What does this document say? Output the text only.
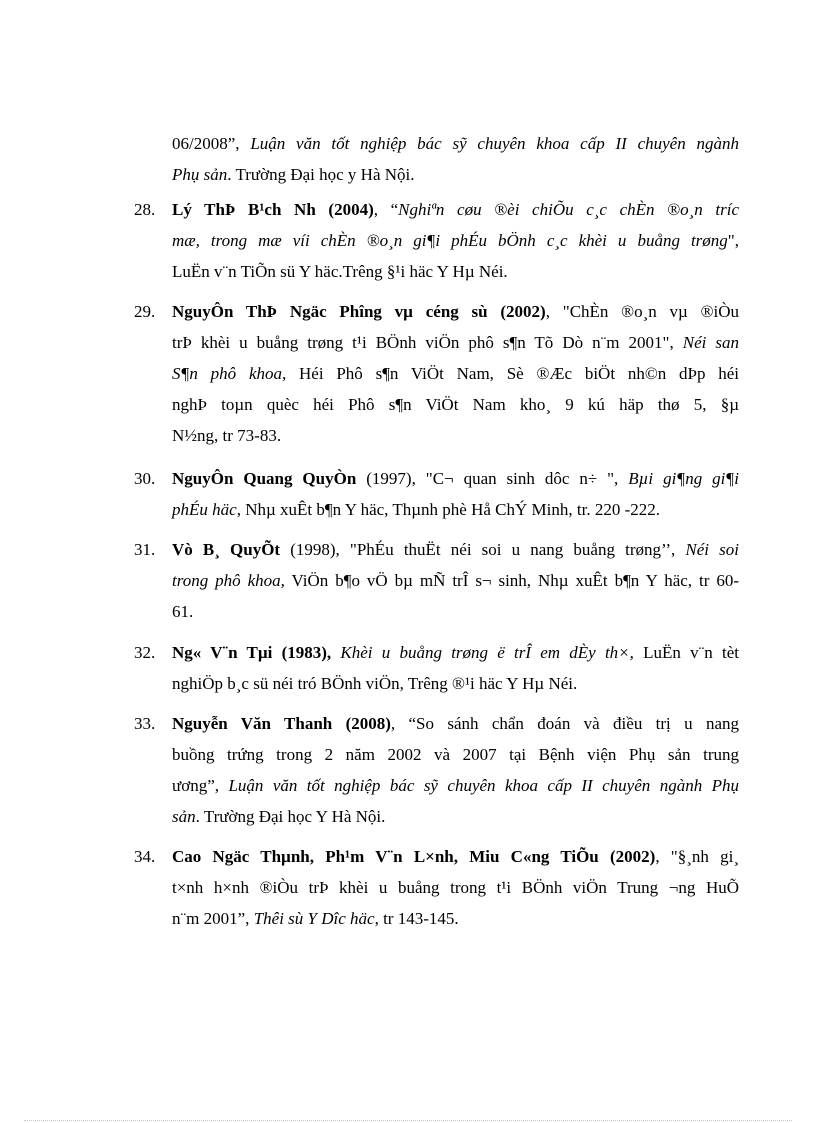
06/2008”, Luận văn tốt nghiệp bác sỹ chuyên khoa cấp II chuyên ngành
Phụ sản. Trường Đại học y Hà Nội.
28. Lý ThÞ B¹ch Nh (2004), “Nghiªn cøu ®èi chiÕu c¸c chÈn ®o¸n tríc
mæ, trong mæ víi chÈn ®o¸n gi¶i phÉu bÖnh c¸c khèi u buång trøng",
LuËn v¨n TiÕn sü Y häc.Trêng §¹i häc Y Hµ Néi.
29. NguyÔn ThÞ Ngäc Phîng vµ céng sù (2002), "ChÈn ®o¸n vµ ®iÒu
trÞ khèi u buång trøng t¹i BÖnh viÖn phô s¶n Tõ Dò n¨m 2001", Néi san
S¶n phô khoa, Héi Phô s¶n ViÖt Nam, Sè ®Æc biÖt nh©n dÞp héi
nghÞ toµn quèc héi Phô s¶n ViÖt Nam kho¸ 9 kú häp thø 5, §µ
N½ng, tr 73-83.
30. NguyÔn Quang QuyÒn (1997), "C¬ quan sinh dôc n÷ ", Bµi gi¶ng gi¶i
phÉu häc, Nhµ xuÊt b¶n Y häc, Thµnh phè Hå ChÝ Minh, tr. 220 -222.
31. Vò B¸ QuyÕt (1998), "PhÉu thuËt néi soi u nang buång trøng’’, Néi soi
trong phô khoa, ViÖn b¶o vÖ bµ mÑ trÎ s¬ sinh, Nhµ xuÊt b¶n Y häc, tr 60-
61.
32. Ng« V¨n Tµi (1983), Khèi u buång trøng ë trÎ em dÈy th×, LuËn v¨n tèt
nghiÖp b¸c sü néi tró BÖnh viÖn, Trêng ®¹i häc Y Hµ Néi.
33. Nguyễn Văn Thanh (2008), “So sánh chẩn đoán và điều trị u nang
buồng trứng trong 2 năm 2002 và 2007 tại Bệnh viện Phụ sản trung
ương”, Luận văn tốt nghiệp bác sỹ chuyên khoa cấp II chuyên ngành Phụ
sản. Trường Đại học Y Hà Nội.
34. Cao Ngäc Thµnh, Ph¹m V¨n L×nh, Miu C«ng TiÕu (2002), "§¸nh gi¸
t×nh h×nh ®iÒu trÞ khèi u buång trong t¹i BÖnh viÖn Trung ¬ng HuÕ
n¨m 2001”, Thêi sù Y Dîc häc, tr 143-145.
